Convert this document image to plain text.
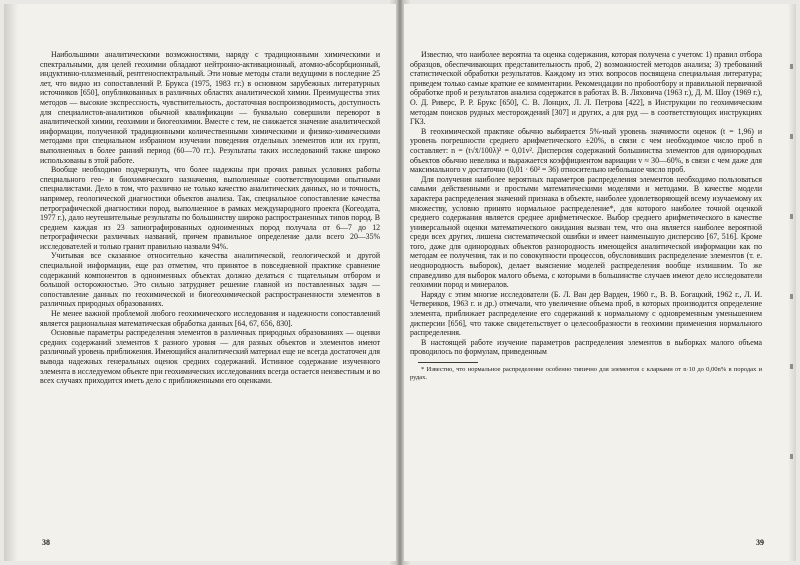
Наибольшими аналитическими возможностями, наряду с традиционными химическими и спектральными, для целей геохимии обладают нейтронно-активационный, атомно-абсорбционный, индуктивно-плазменный, рентгеноспектральный. Эти новые методы стали ведущими в последние 25 лет, что видно из сопоставлений Р. Брукса (1975, 1983 гг.) в основном зарубежных литературных источников [650], опубликованных в различных областях аналитической химии. Преимущества этих методов — высокие экспрессность, чувствительность, достаточная воспроизводимость, доступность для специалистов-аналитиков обычной квалификации — буквально совершили переворот в аналитической химии, геохимии и биогеохимии. Вместе с тем, не снижается значение аналитической информации, полученной традиционными количественными химическими и физико-химическими методами при специальном избранном изучении поведения отдельных элементов или их групп, выполненных в более ранний период (60—70 гг.). Результаты таких исследований также широко использованы в этой работе.

Вообще необходимо подчеркнуть, что более надежны при прочих равных условиях работы специального гео- и биохимического назначения, выполненные соответствующими опытными специалистами. Дело в том, что различно не только качество аналитических данных, но и точность, например, геологической диагностики объектов анализа. Так, специальное сопоставление качества петрографической диагностики пород, выполненное в рамках международного проекта (Когеодата, 1977 г.), дало неутешительные результаты по большинству широко распространенных типов пород. В среднем каждая из 23 запиографированных одноименных пород получала от 6—7 до 12 петрографически различных названий, причем правильное определение дали всего 20—35% исследователей и только гранит правильно назвали 94%.

Учитывая все сказанное относительно качества аналитической, геологической и другой специальной информации, еще раз отметим, что принятое в повседневной практике сравнение содержаний компонентов в одноименных объектах должно делаться с тщательным отбором и большой осторожностью. Это сильно затрудняет решение главной из поставленных задач — сопоставление данных по геохимической и биогеохимической распространенности элементов в различных природных образованиях.

Не менее важной проблемой любого геохимического исследования и надежности сопоставлений является рациональная математическая обработка данных [64, 67, 656, 830].

Основные параметры распределения элементов в различных природных образованиях — оценки средних содержаний элементов x̄ разного уровня — для разных объектов и элементов имеют различный уровень приближения. Имеющийся аналитический материал еще не всегда достаточен для вывода надежных генеральных оценок средних содержаний. Истинное содержание изученного элемента в исследуемом объекте при геохимических исследованиях всегда остается неизвестным и во всех случаях приходится иметь дело с приближенными его оценками.

38

Известно, что наиболее вероятна та оценка содержания, которая получена с учетом: 1) правил отбора образцов, обеспечивающих представительность проб, 2) возможностей методов анализа; 3) требований статистической обработки результатов. Каждому из этих вопросов посвящена специальная литература; приведем только самые краткие ее комментарии. Рекомендации по пробоотбору и правильной первичной обработке проб и результатов анализа содержатся в работах В. В. Ляховича (1963 г.), Д. М. Шоу (1969 г.), О. Д. Риверс, Р. Р. Брукс [650], С. В. Лонцих, Л. Л. Петрова [422], в Инструкции по геохимическим методам поисков рудных месторождений [307] и других, а для руд — в соответствующих инструкциях ГКЗ.

В геохимической практике обычно выбирается 5%-ный уровень значимости оценок (t = 1,96) и уровень погрешности среднего арифметического ±20%, в связи с чем необходимое число проб n составляет: n = (t√x̄/100λ)² = 0,01v². Дисперсия содержаний большинства элементов для одинородных объектов обычно невелика и выражается коэффициентом вариации v ≈ 30—60%, в связи с чем даже для максимального v достаточно (0,01 · 60² = 36) относительно небольшое число проб.

Для получения наиболее вероятных параметров распределения элементов необходимо пользоваться самыми действенными и простыми математическими моделями и методами. В качестве модели характера распределения значений признака в объекте, наиболее удовлетворяющей всему изучаемому их множеству, условно принято нормальное распределение*, для которого наиболее точной оценкой среднего содержания является среднее арифметическое. Выбор среднего арифметического в качестве универсальной оценки математического ожидания вызван тем, что она является наиболее вероятной среди всех других, лишена систематической ошибки и имеет наименьшую дисперсию [67, 516]. Кроме того, даже для одинородных объектов разнородность имеющейся аналитической информации как по методам ее получения, так и по совокупности процессов, обусловивших распределение элементов (т. е. неоднородность выборок), делает выяснение моделей распределения вообще излишним. То же справедливо для выборок малого объема, с которыми в большинстве случаев имеют дело исследователи геохимии пород и минералов.

Наряду с этим многие исследователи (Б. Л. Ван дер Варден, 1960 г., В. В. Богацкий, 1962 г., Л. И. Четвериков, 1963 г. и др.) отмечали, что увеличение объема проб, в которых производится определение элемента, приближает распределение его содержаний к нормальному с одновременным уменьшением дисперсии [656], что также свидетельствует о целесообразности в геохимии применения нормального распределения.

В настоящей работе изучение параметров распределения элементов в выборках малого объема проводилось по формулам, приведенным

* Известно, что нормальное распределение особенно типично для элементов с кларками от n·10 до 0,00n% в породах и рудах.

39
